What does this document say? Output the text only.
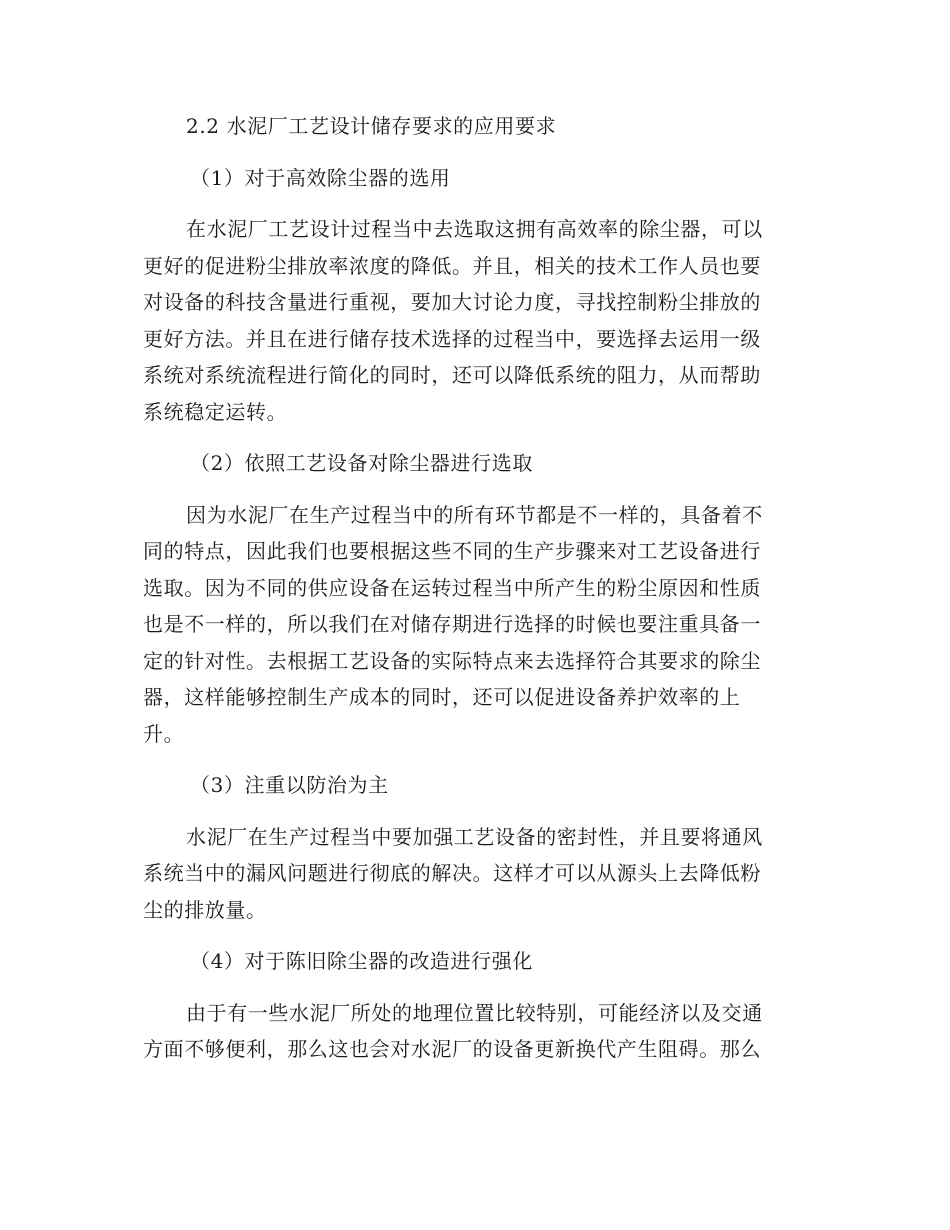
2.2 水泥厂工艺设计储存要求的应用要求
（1）对于高效除尘器的选用
在水泥厂工艺设计过程当中去选取这拥有高效率的除尘器，可以
更好的促进粉尘排放率浓度的降低。并且，相关的技术工作人员也要
对设备的科技含量进行重视，要加大讨论力度，寻找控制粉尘排放的
更好方法。并且在进行储存技术选择的过程当中，要选择去运用一级
系统对系统流程进行简化的同时，还可以降低系统的阻力，从而帮助
系统稳定运转。
（2）依照工艺设备对除尘器进行选取
因为水泥厂在生产过程当中的所有环节都是不一样的，具备着不
同的特点，因此我们也要根据这些不同的生产步骤来对工艺设备进行
选取。因为不同的供应设备在运转过程当中所产生的粉尘原因和性质
也是不一样的，所以我们在对储存期进行选择的时候也要注重具备一
定的针对性。去根据工艺设备的实际特点来去选择符合其要求的除尘
器，这样能够控制生产成本的同时，还可以促进设备养护效率的上
升。
（3）注重以防治为主
水泥厂在生产过程当中要加强工艺设备的密封性，并且要将通风
系统当中的漏风问题进行彻底的解决。这样才可以从源头上去降低粉
尘的排放量。
（4）对于陈旧除尘器的改造进行强化
由于有一些水泥厂所处的地理位置比较特别，可能经济以及交通
方面不够便利，那么这也会对水泥厂的设备更新换代产生阻碍。那么
